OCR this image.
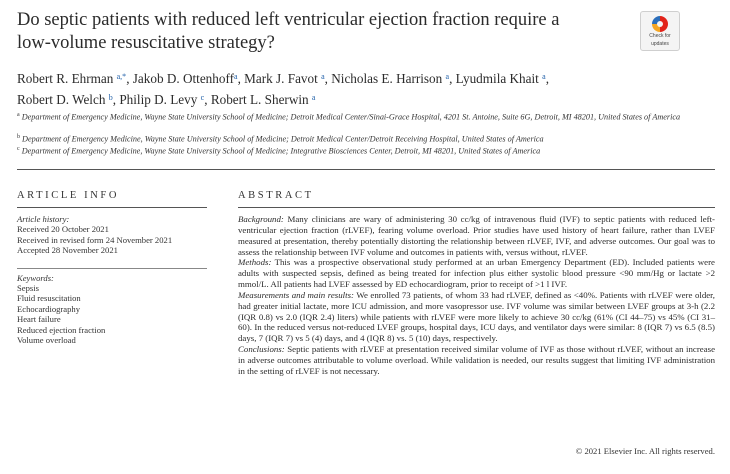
Do septic patients with reduced left ventricular ejection fraction require a low-volume resuscitative strategy?	Check for
updates
Robert R. Ehrman $^{a,*}$, Jakob D. Ottenhoff$^a$, Mark J. Favot $^a$, Nicholas E. Harrison $^a$, Lyudmila Khait $^a$,
Robert D. Welch $^b$, Philip D. Levy $^c$, Robert L. Sherwin $^a$
$^a$ Department of Emergency Medicine, Wayne State University School of Medicine; Detroit Medical Center/Sinai-Grace Hospital, 4201 St. Antoine, Suite 6G, Detroit, MI 48201, United States of America
$^b$ Department of Emergency Medicine, Wayne State University School of Medicine; Detroit Medical Center/Detroit Receiving Hospital, United States of America
$^c$ Department of Emergency Medicine, Wayne State University School of Medicine; Integrative Biosciences Center, Detroit, MI 48201, United States of America
ARTICLE INFO	ABSTRACT
Article history:
Received 20 October 2021
Received in revised form 24 November 2021
Accepted 28 November 2021
Keywords:
Sepsis
Fluid resuscitation
Echocardiography
Heart failure
Reduced ejection fraction
Volume overload

Background: Many clinicians are wary of administering 30 cc/kg of intravenous fluid (IVF) to septic patients with reduced left-ventricular ejection fraction (rLVEF), fearing volume overload. Prior studies have used history of heart failure, rather than LVEF measured at presentation, thereby potentially distorting the relationship between rLVEF, IVF, and adverse outcomes. Our goal was to assess the relationship between IVF volume and outcomes in patients with, versus without, rLVEF.

Methods: This was a prospective observational study performed at an urban Emergency Department (ED). Included patients were adults with suspected sepsis, defined as being treated for infection plus either systolic blood pressure <90 mm/Hg or lactate >2 mmol/L. All patients had LVEF assessed by ED echocardiogram, prior to receipt of >1 l IVF.

Measurements and main results: We enrolled 73 patients, of whom 33 had rLVEF, defined as <40%. Patients with rLVEF were older, had greater initial lactate, more ICU admission, and more vasopressor use. IVF volume was similar between LVEF groups at 3-h (2.2 (IQR 0.8) vs 2.0 (IQR 2.4) liters) while patients with rLVEF were more likely to achieve 30 cc/kg (61% (CI 44–75) vs 45% (CI 31–60). In the reduced versus not-reduced LVEF groups, hospital days, ICU days, and ventilator days were similar: 8 (IQR 7) vs 6.5 (8.5) days, 7 (IQR 7) vs 5 (4) days, and 4 (IQR 8) vs. 5 (10) days, respectively.

Conclusions: Septic patients with rLVEF at presentation received similar volume of IVF as those without rLVEF, without an increase in adverse outcomes attributable to volume overload. While validation is needed, our results suggest that limiting IVF administration in the setting of rLVEF is not necessary.

© 2021 Elsevier Inc. All rights reserved.
